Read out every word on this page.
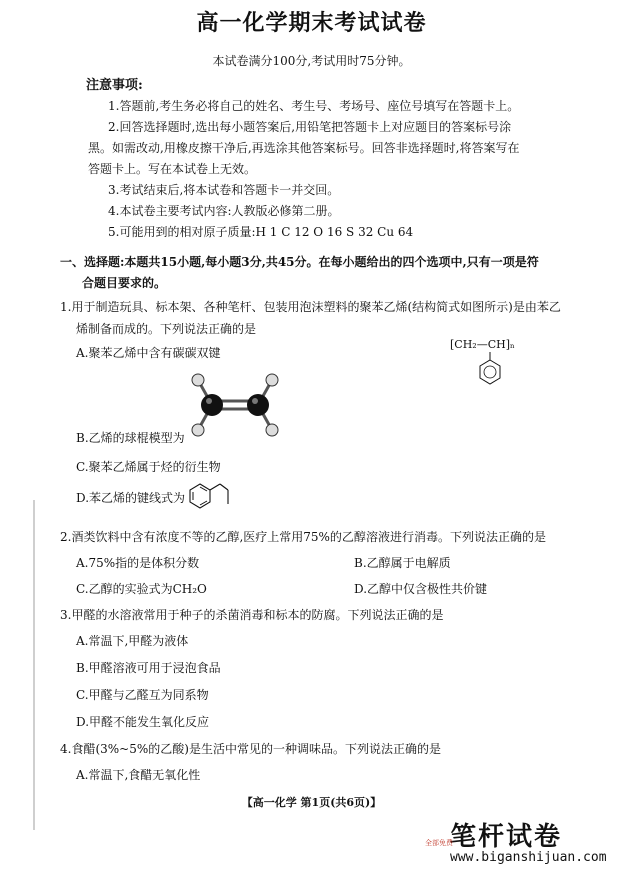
高一化学期末考试试卷
本试卷满分100分,考试用时75分钟。
注意事项:
1.答题前,考生务必将自己的姓名、考生号、考场号、座位号填写在答题卡上。
2.回答选择题时,选出每小题答案后,用铅笔把答题卡上对应题目的答案标号涂
黑。如需改动,用橡皮擦干净后,再选涂其他答案标号。回答非选择题时,将答案写在
答题卡上。写在本试卷上无效。
3.考试结束后,将本试卷和答题卡一并交回。
4.本试卷主要考试内容:人教版必修第二册。
5.可能用到的相对原子质量:H 1 C 12 O 16 S 32 Cu 64
一、选择题:本题共15小题,每小题3分,共45分。在每小题给出的四个选项中,只有一项是符
合题目要求的。
1.用于制造玩具、标本架、各种笔杆、包装用泡沫塑料的聚苯乙烯(结构简式如图所示)是由苯乙
烯制备而成的。下列说法正确的是
A.聚苯乙烯中含有碳碳双键
[CH₂—CH]ₙ
B.乙烯的球棍模型为
C.聚苯乙烯属于烃的衍生物
D.苯乙烯的键线式为
2.酒类饮料中含有浓度不等的乙醇,医疗上常用75%的乙醇溶液进行消毒。下列说法正确的是
A.75%指的是体积分数	B.乙醇属于电解质
C.乙醇的实验式为CH₂O	D.乙醇中仅含极性共价键
3.甲醛的水溶液常用于种子的杀菌消毒和标本的防腐。下列说法正确的是
A.常温下,甲醛为液体
B.甲醛溶液可用于浸泡食品
C.甲醛与乙醛互为同系物
D.甲醛不能发生氧化反应
4.食醋(3%~5%的乙酸)是生活中常见的一种调味品。下列说法正确的是
A.常温下,食醋无氧化性
【高一化学 第1页(共6页)】
笔杆试卷
全部免费
www.biganshijuan.com
